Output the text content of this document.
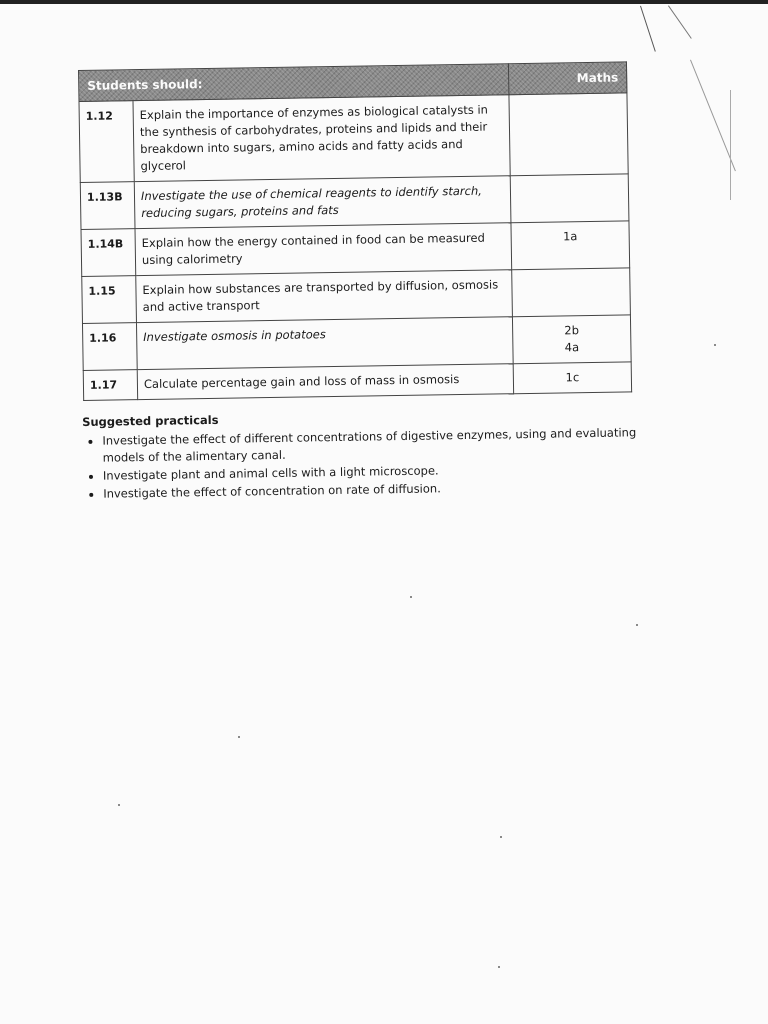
Students should:		Maths
1.12	Explain the importance of enzymes as biological catalysts in the synthesis of carbohydrates, proteins and lipids and their breakdown into sugars, amino acids and fatty acids and glycerol	
1.13B	Investigate the use of chemical reagents to identify starch, reducing sugars, proteins and fats	
1.14B	Explain how the energy contained in food can be measured using calorimetry	1a
1.15	Explain how substances are transported by diffusion, osmosis and active transport	
1.16	Investigate osmosis in potatoes	2b
4a
1.17	Calculate percentage gain and loss of mass in osmosis	1c
Suggested practicals
• Investigate the effect of different concentrations of digestive enzymes, using and evaluating models of the alimentary canal.
• Investigate plant and animal cells with a light microscope.
• Investigate the effect of concentration on rate of diffusion.
